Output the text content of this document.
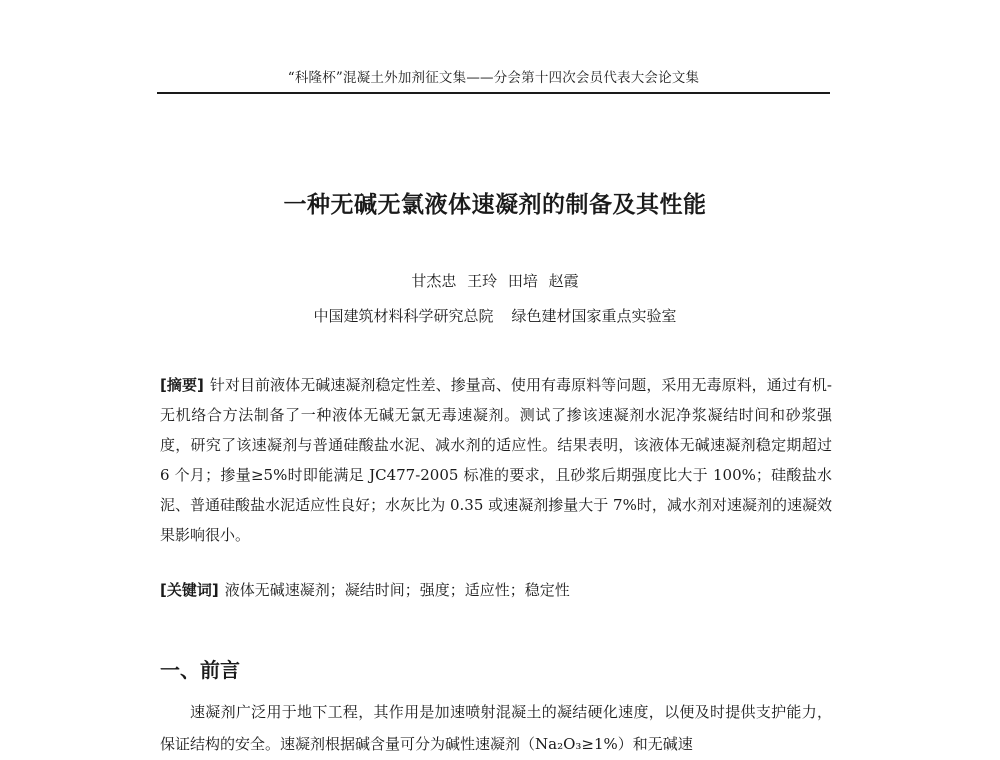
“科隆杯”混凝土外加剂征文集——分会第十四次会员代表大会论文集
一种无碱无氯液体速凝剂的制备及其性能
甘杰忠 王玲 田培 赵霞
中国建筑材料科学研究总院 绿色建材国家重点实验室
[摘要] 针对目前液体无碱速凝剂稳定性差、掺量高、使用有毒原料等问题，采用无毒原料，通过有机-无机络合方法制备了一种液体无碱无氯无毒速凝剂。测试了掺该速凝剂水泥净浆凝结时间和砂浆强度，研究了该速凝剂与普通硅酸盐水泥、减水剂的适应性。结果表明，该液体无碱速凝剂稳定期超过 6 个月；掺量≥5%时即能满足 JC477-2005 标准的要求，且砂浆后期强度比大于 100%；硅酸盐水泥、普通硅酸盐水泥适应性良好；水灰比为 0.35 或速凝剂掺量大于 7%时，减水剂对速凝剂的速凝效果影响很小。
[关键词] 液体无碱速凝剂；凝结时间；强度；适应性；稳定性
一、前言
速凝剂广泛用于地下工程，其作用是加速喷射混凝土的凝结硬化速度，以便及时提供支护能力，保证结构的安全。速凝剂根据碱含量可分为碱性速凝剂（Na₂O₃≥1%）和无碱速
